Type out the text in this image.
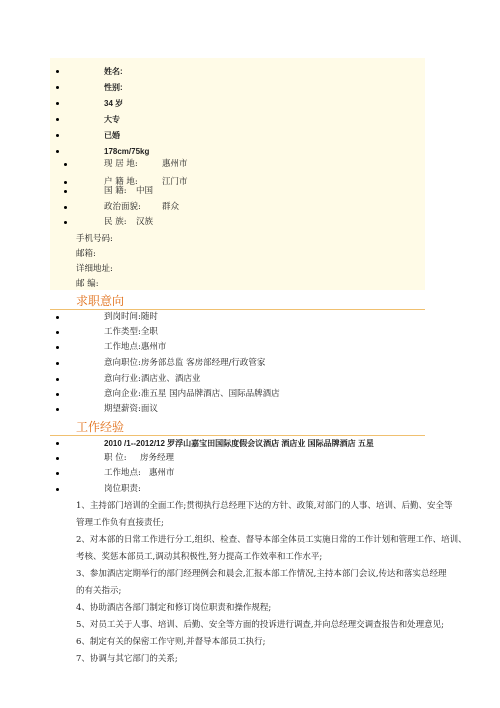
姓名:
性别:
34 岁
大专
已婚
178cm/75kg
现 居 地:	惠州市
户 籍 地:	江门市
国 籍: 中国
政治面貌: 群众
民 族: 汉族
手机号码:
邮箱:
详细地址:
邮 编:
求职意向
到岗时间:随时
工作类型:全职
工作地点:惠州市
意向职位:房务部总监 客房部经理/行政管家
意向行业:酒店业、酒店业
意向企业:准五星 国内品牌酒店、国际品牌酒店
期望薪资:面议
工作经验
2010 /1--2012/12 罗浮山嘉宝田国际度假会议酒店 酒店业 国际品牌酒店 五星
职 位: 房务经理
工作地点: 惠州市
岗位职责:
1、主持部门培训的全面工作;贯彻执行总经理下达的方针、政策,对部门的人事、培训、后勤、安全等
管理工作负有直接责任;
2、对本部的日常工作进行分工,组织、检查、督导本部全体员工实施日常的工作计划和管理工作、培训、
考核、奖惩本部员工,调动其积极性,努力提高工作效率和工作水平;
3、参加酒店定期举行的部门经理例会和晨会,汇报本部工作情况,主持本部门会议,传达和落实总经理
的有关指示;
4、协助酒店各部门制定和修订岗位职责和操作规程;
5、对员工关于人事、培训、后勤、安全等方面的投诉进行调查,并向总经理交调查报告和处理意见;
6、制定有关的保密工作守则,并督导本部员工执行;
7、协调与其它部门的关系;
